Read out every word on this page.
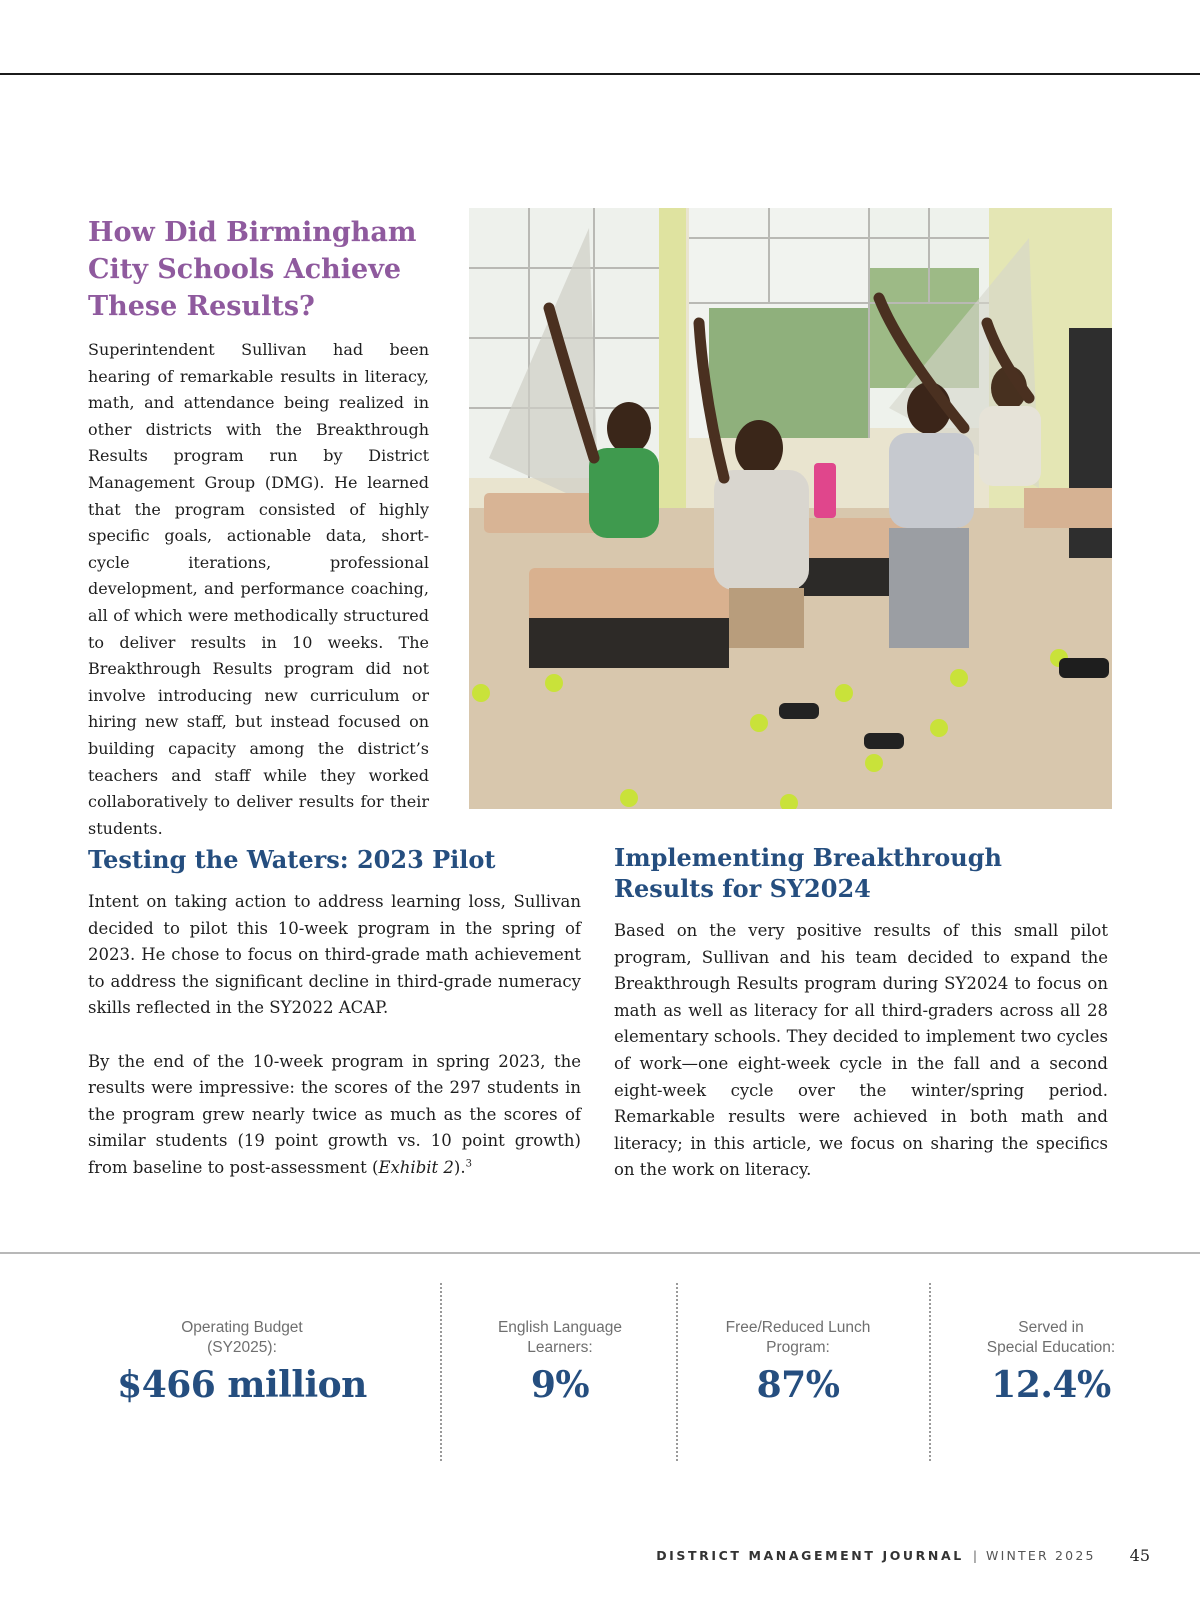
How Did Birmingham City Schools Achieve These Results?

Superintendent Sullivan had been hearing of remarkable results in literacy, math, and attendance being realized in other districts with the Breakthrough Results program run by District Management Group (DMG). He learned that the program consisted of highly specific goals, actionable data, short-cycle iterations, professional development, and performance coaching, all of which were methodically structured to deliver results in 10 weeks. The Breakthrough Results program did not involve introducing new curriculum or hiring new staff, but instead focused on building capacity among the district’s teachers and staff while they worked collaboratively to deliver results for their students.

Testing the Waters: 2023 Pilot

Intent on taking action to address learning loss, Sullivan decided to pilot this 10-week program in the spring of 2023. He chose to focus on third-grade math achievement to address the significant decline in third-grade numeracy skills reflected in the SY2022 ACAP.

By the end of the 10-week program in spring 2023, the results were impressive: the scores of the 297 students in the program grew nearly twice as much as the scores of similar students (19 point growth vs. 10 point growth) from baseline to post-assessment (Exhibit 2).$^3$

Implementing Breakthrough Results for SY2024

Based on the very positive results of this small pilot program, Sullivan and his team decided to expand the Breakthrough Results program during SY2024 to focus on math as well as literacy for all third-graders across all 28 elementary schools. They decided to implement two cycles of work—one eight-week cycle in the fall and a second eight-week cycle over the winter/spring period. Remarkable results were achieved in both math and literacy; in this article, we focus on sharing the specifics on the work on literacy.

Operating Budget
(SY2025):
$466 million
English Language
Learners:
9%
Free/Reduced Lunch
Program:
87%
Served in
Special Education:
12.4%
DISTRICT MANAGEMENT JOURNAL | WINTER 2025 45
